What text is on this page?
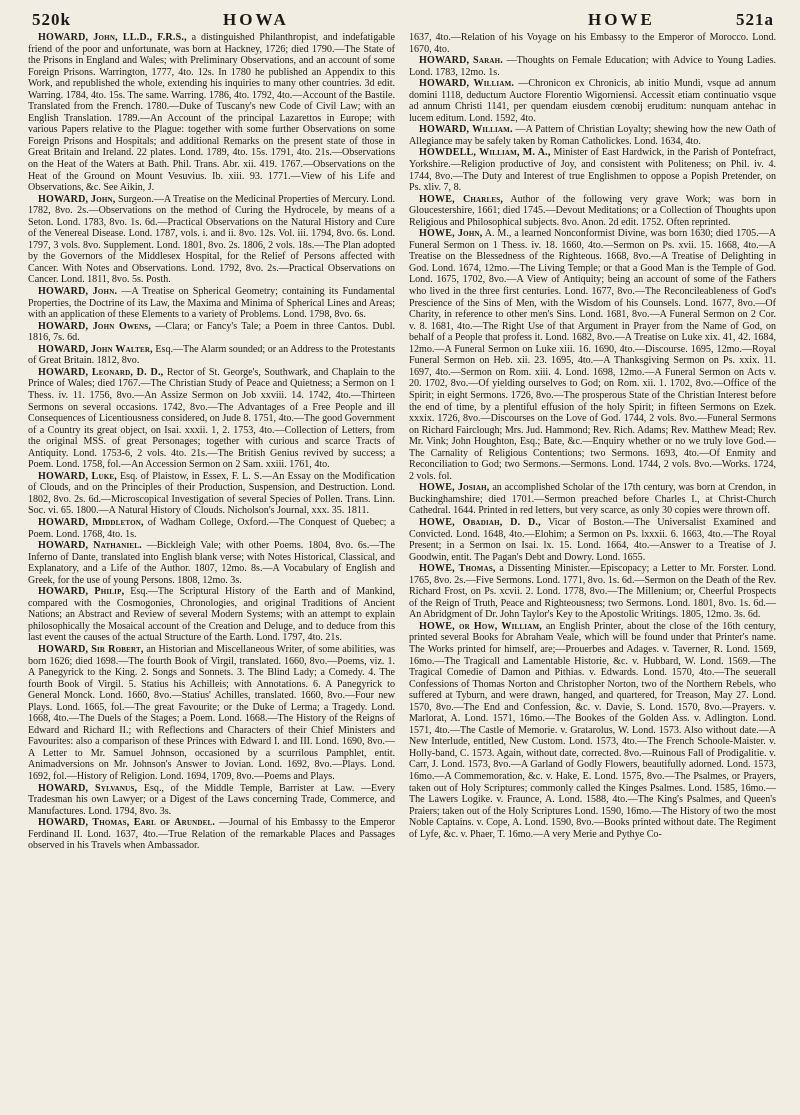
520k	HOWA	HOWE	521a

HOWARD, John, LL.D., F.R.S., a distinguished Philanthropist, and indefatigable friend of the poor and unfortunate, was born at Hackney, 1726; died 1790.—The State of the Prisons in England and Wales; with Preliminary Observations, and an account of some Foreign Prisons. Warrington, 1777, 4to. 12s. In 1780 he published an Appendix to this Work, and republished the whole, extending his inquiries to many other countries. 3d edit. Warring. 1784, 4to. 15s. The same. Warring. 1786, 4to. 1792, 4to.—Account of the Bastile. Translated from the French. 1780.—Duke of Tuscany's new Code of Civil Law; with an English Translation. 1789.—An Account of the principal Lazarettos in Europe; with various Papers relative to the Plague: together with some further Observations on some Foreign Prisons and Hospitals; and additional Remarks on the present state of those in Great Britain and Ireland. 22 plates. Lond. 1789, 4to. 15s. 1791, 4to. 21s.—Observations on the Heat of the Waters at Bath. Phil. Trans. Abr. xii. 419. 1767.—Observations on the Heat of the Ground on Mount Vesuvius. Ib. xiii. 93. 1771.—View of his Life and Observations, &c. See Aikin, J.

HOWARD, John, Surgeon.—A Treatise on the Medicinal Properties of Mercury. Lond. 1782, 8vo. 2s.—Observations on the method of Curing the Hydrocele, by means of a Seton. Lond. 1783, 8vo. 1s. 6d.—Practical Observations on the Natural History and Cure of the Venereal Disease. Lond. 1787, vols. i. and ii. 8vo. 12s. Vol. iii. 1794, 8vo. 6s. Lond. 1797, 3 vols. 8vo. Supplement. Lond. 1801, 8vo. 2s. 1806, 2 vols. 18s.—The Plan adopted by the Governors of the Middlesex Hospital, for the Relief of Persons affected with Cancer. With Notes and Observations. Lond. 1792, 8vo. 2s.—Practical Observations on Cancer. Lond. 1811, 8vo. 5s. Posth.

HOWARD, John. —A Treatise on Spherical Geometry; containing its Fundamental Properties, the Doctrine of its Law, the Maxima and Minima of Spherical Lines and Areas; with an application of these Elements to a variety of Problems. Lond. 1798, 8vo. 6s.

HOWARD, John Owens, —Clara; or Fancy's Tale; a Poem in three Cantos. Dubl. 1816, 7s. 6d.

HOWARD, John Walter, Esq.—The Alarm sounded; or an Address to the Protestants of Great Britain. 1812, 8vo.

HOWARD, Leonard, D. D., Rector of St. George's, Southwark, and Chaplain to the Prince of Wales; died 1767.—The Christian Study of Peace and Quietness; a Sermon on 1 Thess. iv. 11. 1756, 8vo.—An Assize Sermon on Job xxviii. 14. 1742, 4to.—Thirteen Sermons on several occasions. 1742, 8vo.—The Advantages of a Free People and ill Consequences of Licentiousness considered, on Jude 8. 1751, 4to.—The good Government of a Country its great object, on Isai. xxxii. 1, 2. 1753, 4to.—Collection of Letters, from the original MSS. of great Personages; together with curious and scarce Tracts of Antiquity. Lond. 1753-6, 2 vols. 4to. 21s.—The British Genius revived by success; a Poem. Lond. 1758, fol.—An Accession Sermon on 2 Sam. xxiii. 1761, 4to.

HOWARD, Luke, Esq. of Plaistow, in Essex, F. L. S.—An Essay on the Modification of Clouds, and on the Principles of their Production, Suspension, and Destruction. Lond. 1802, 8vo. 2s. 6d.—Microscopical Investigation of several Species of Pollen. Trans. Linn. Soc. vi. 65. 1800.—A Natural History of Clouds. Nicholson's Journal, xxx. 35. 1811.

HOWARD, Middleton, of Wadham College, Oxford.—The Conquest of Quebec; a Poem. Lond. 1768, 4to. 1s.

HOWARD, Nathaniel. —Bickleigh Vale; with other Poems. 1804, 8vo. 6s.—The Inferno of Dante, translated into English blank verse; with Notes Historical, Classical, and Explanatory, and a Life of the Author. 1807, 12mo. 8s.—A Vocabulary of English and Greek, for the use of young Persons. 1808, 12mo. 3s.

HOWARD, Philip, Esq.—The Scriptural History of the Earth and of Mankind, compared with the Cosmogonies, Chronologies, and original Traditions of Ancient Nations; an Abstract and Review of several Modern Systems; with an attempt to explain philosophically the Mosaical account of the Creation and Deluge, and to deduce from this last event the causes of the actual Structure of the Earth. Lond. 1797, 4to. 21s.

HOWARD, Sir Robert, an Historian and Miscellaneous Writer, of some abilities, was born 1626; died 1698.—The fourth Book of Virgil, translated. 1660, 8vo.—Poems, viz. 1. A Panegyrick to the King. 2. Songs and Sonnets. 3. The Blind Lady; a Comedy. 4. The fourth Book of Virgil. 5. Statius his Achilleis; with Annotations. 6. A Panegyrick to General Monck. Lond. 1660, 8vo.—Statius' Achilles, translated. 1660, 8vo.—Four new Plays. Lond. 1665, fol.—The great Favourite; or the Duke of Lerma; a Tragedy. Lond. 1668, 4to.—The Duels of the Stages; a Poem. Lond. 1668.—The History of the Reigns of Edward and Richard II.; with Reflections and Characters of their Chief Ministers and Favourites: also a comparison of these Princes with Edward I. and III. Lond. 1690, 8vo.—A Letter to Mr. Samuel Johnson, occasioned by a scurrilous Pamphlet, entit. Animadversions on Mr. Johnson's Answer to Jovian. Lond. 1692, 8vo.—Plays. Lond. 1692, fol.—History of Religion. Lond. 1694, 1709, 8vo.—Poems and Plays.

HOWARD, Sylvanus, Esq., of the Middle Temple, Barrister at Law. —Every Tradesman his own Lawyer; or a Digest of the Laws concerning Trade, Commerce, and Manufactures. Lond. 1794, 8vo. 3s.

HOWARD, Thomas, Earl of Arundel. —Journal of his Embassy to the Emperor Ferdinand II. Lond. 1637, 4to.—True Relation of the remarkable Places and Passages observed in his Travels when Ambassador.

1637, 4to.—Relation of his Voyage on his Embassy to the Emperor of Morocco. Lond. 1670, 4to.

HOWARD, Sarah. —Thoughts on Female Education; with Advice to Young Ladies. Lond. 1783, 12mo. 1s.

HOWARD, William. —Chronicon ex Chronicis, ab initio Mundi, vsque ad annum domini 1118, deductum Auctore Florentio Wigorniensi. Accessit etiam continuatio vsque ad annum Christi 1141, per quendam eiusdem cœnobij eruditum: nunquam antehac in lucem editum. Lond. 1592, 4to.

HOWARD, William. —A Pattern of Christian Loyalty; shewing how the new Oath of Allegiance may be safely taken by Roman Catholickes. Lond. 1634, 4to.

HOWDELL, William, M. A., Minister of East Hardwick, in the Parish of Pontefract, Yorkshire.—Religion productive of Joy, and consistent with Politeness; on Phil. iv. 4. 1744, 8vo.—The Duty and Interest of true Englishmen to oppose a Popish Pretender, on Ps. xliv. 7, 8.

HOWE, Charles, Author of the following very grave Work; was born in Gloucestershire, 1661; died 1745.—Devout Meditations; or a Collection of Thoughts upon Religious and Philosophical subjects. 8vo. Anon. 2d edit. 1752. Often reprinted.

HOWE, John, A. M., a learned Nonconformist Divine, was born 1630; died 1705.—A Funeral Sermon on 1 Thess. iv. 18. 1660, 4to.—Sermon on Ps. xvii. 15. 1668, 4to.—A Treatise on the Blessedness of the Righteous. 1668, 8vo.—A Treatise of Delighting in God. Lond. 1674, 12mo.—The Living Temple; or that a Good Man is the Temple of God. Lond. 1675, 1702, 8vo.—A View of Antiquity; being an account of some of the Fathers who lived in the three first centuries. Lond. 1677, 8vo.—The Reconcileableness of God's Prescience of the Sins of Men, with the Wisdom of his Counsels. Lond. 1677, 8vo.—Of Charity, in reference to other men's Sins. Lond. 1681, 8vo.—A Funeral Sermon on 2 Cor. v. 8. 1681, 4to.—The Right Use of that Argument in Prayer from the Name of God, on behalf of a People that profess it. Lond. 1682, 8vo.—A Treatise on Luke xix. 41, 42. 1684, 12mo.—A Funeral Sermon on Luke xiii. 16. 1690, 4to.—Discourse. 1695, 12mo.—Royal Funeral Sermon on Heb. xii. 23. 1695, 4to.—A Thanksgiving Sermon on Ps. xxix. 11. 1697, 4to.—Sermon on Rom. xiii. 4. Lond. 1698, 12mo.—A Funeral Sermon on Acts v. 20. 1702, 8vo.—Of yielding ourselves to God; on Rom. xii. 1. 1702, 8vo.—Office of the Spirit; in eight Sermons. 1726, 8vo.—The prosperous State of the Christian Interest before the end of time, by a plentiful effusion of the holy Spirit; in fifteen Sermons on Ezek. xxxix. 1726, 8vo.—Discourses on the Love of God. 1744, 2 vols. 8vo.—Funeral Sermons on Richard Fairclough; Mrs. Jud. Hammond; Rev. Rich. Adams; Rev. Matthew Mead; Rev. Mr. Vink; John Houghton, Esq.; Bate, &c.—Enquiry whether or no we truly love God.—The Carnality of Religious Contentions; two Sermons. 1693, 4to.—Of Enmity and Reconciliation to God; two Sermons.—Sermons. Lond. 1744, 2 vols. 8vo.—Works. 1724, 2 vols. fol.

HOWE, Josiah, an accomplished Scholar of the 17th century, was born at Crendon, in Buckinghamshire; died 1701.—Sermon preached before Charles I., at Christ-Church Cathedral. 1644. Printed in red letters, but very scarce, as only 30 copies were thrown off.

HOWE, Obadiah, D. D., Vicar of Boston.—The Universalist Examined and Convicted. Lond. 1648, 4to.—Elohim; a Sermon on Ps. lxxxii. 6. 1663, 4to.—The Royal Present; in a Sermon on Isai. lx. 15. Lond. 1664, 4to.—Answer to a Treatise of J. Goodwin, entit. The Pagan's Debt and Dowry. Lond. 1655.

HOWE, Thomas, a Dissenting Minister.—Episcopacy; a Letter to Mr. Forster. Lond. 1765, 8vo. 2s.—Five Sermons. Lond. 1771, 8vo. 1s. 6d.—Sermon on the Death of the Rev. Richard Frost, on Ps. xcvii. 2. Lond. 1778, 8vo.—The Millenium; or, Cheerful Prospects of the Reign of Truth, Peace and Righteousness; two Sermons. Lond. 1801, 8vo. 1s. 6d.—An Abridgment of Dr. John Taylor's Key to the Apostolic Writings. 1805, 12mo. 3s. 6d.

HOWE, or How, William, an English Printer, about the close of the 16th century, printed several Books for Abraham Veale, which will be found under that Printer's name. The Works printed for himself, are;—Prouerbes and Adages. v. Taverner, R. Lond. 1569, 16mo.—The Tragicall and Lamentable Historie, &c. v. Hubbard, W. Lond. 1569.—The Tragical Comedie of Damon and Pithias. v. Edwards. Lond. 1570, 4to.—The seuerall Confessions of Thomas Norton and Christopher Norton, two of the Northern Rebels, who suffered at Tyburn, and were drawn, hanged, and quartered, for Treason, May 27. Lond. 1570, 8vo.—The End and Confession, &c. v. Davie, S. Lond. 1570, 8vo.—Prayers. v. Marlorat, A. Lond. 1571, 16mo.—The Bookes of the Golden Ass. v. Adlington. Lond. 1571, 4to.—The Castle of Memorie. v. Gratarolus, W. Lond. 1573. Also without date.—A New Interlude, entitled, New Custom. Lond. 1573, 4to.—The French Schoole-Maister. v. Holly-band, C. 1573. Again, without date, corrected. 8vo.—Ruinous Fall of Prodigalitie. v. Carr, J. Lond. 1573, 8vo.—A Garland of Godly Flowers, beautifully adorned. Lond. 1573, 16mo.—A Commemoration, &c. v. Hake, E. Lond. 1575, 8vo.—The Psalmes, or Prayers, taken out of Holy Scriptures; commonly called the Kinges Psalmes. Lond. 1585, 16mo.—The Lawers Logike. v. Fraunce, A. Lond. 1588, 4to.—The King's Psalmes, and Queen's Praiers; taken out of the Holy Scriptures Lond. 1590, 16mo.—The History of two the most Noble Captains. v. Cope, A. Lond. 1590, 8vo.—Books printed without date. The Regiment of Lyfe, &c. v. Phaer, T. 16mo.—A very Merie and Pythye Co-
